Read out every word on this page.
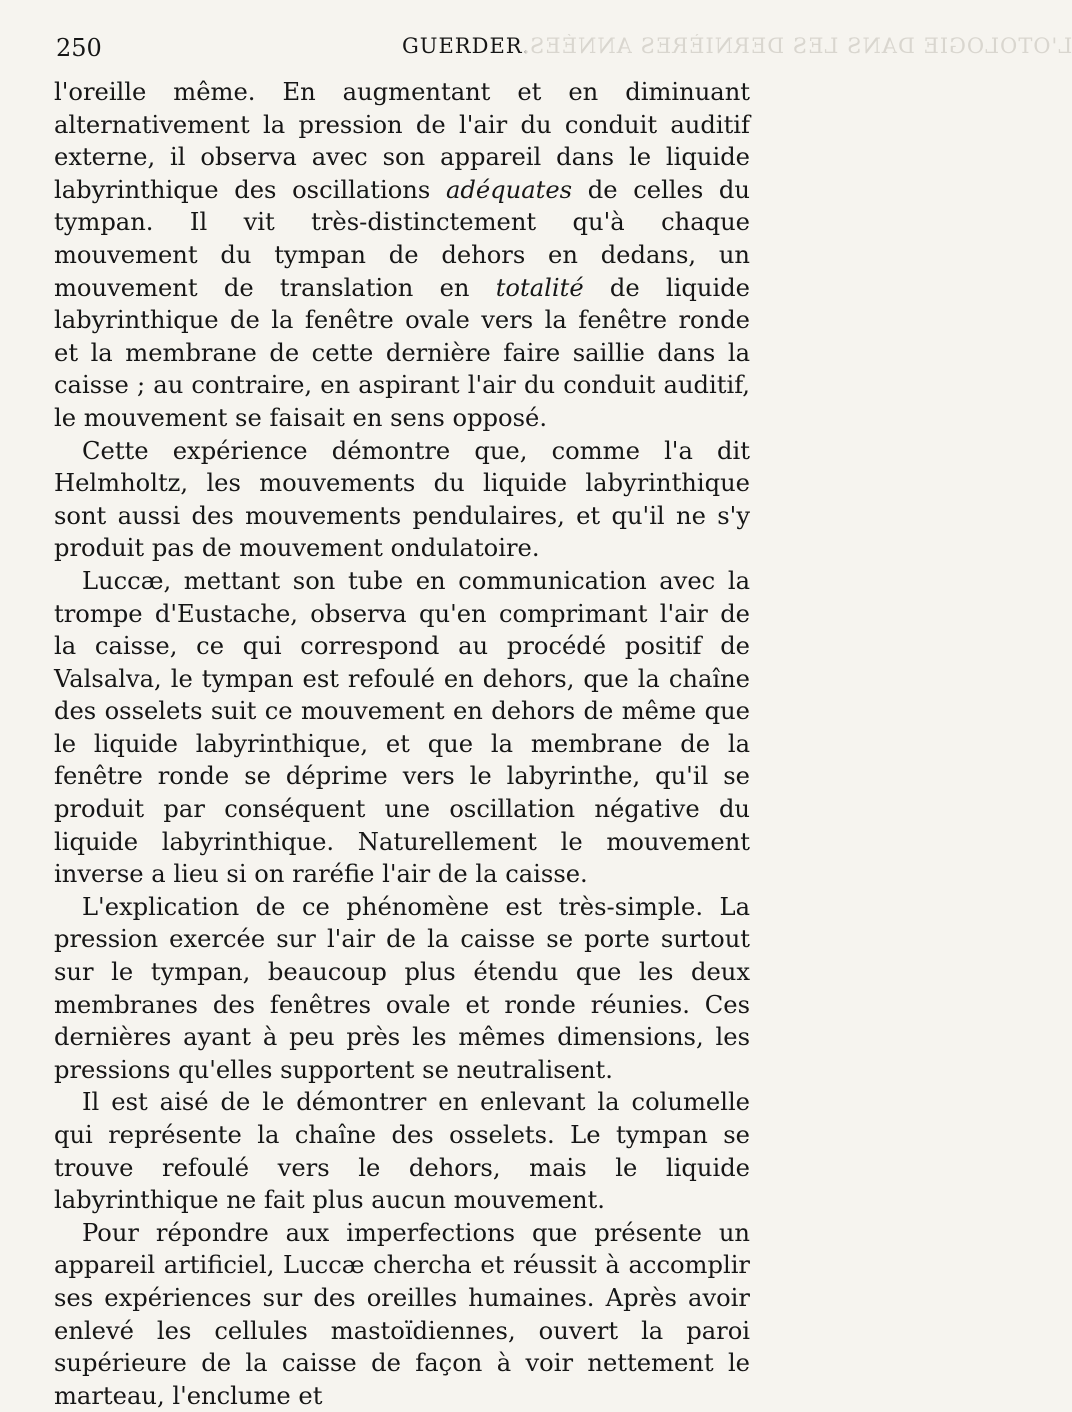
250	GUERDER.
L'OTOLOGIE DANS LES DERNIÈRES ANNÉES.

l'oreille même. En augmentant et en diminuant alternativement la pression de l'air du conduit auditif externe, il observa avec son appareil dans le liquide labyrinthique des oscillations adéquates de celles du tympan. Il vit très-distinctement qu'à chaque mouvement du tympan de dehors en dedans, un mouvement de translation en totalité de liquide labyrinthique de la fenêtre ovale vers la fenêtre ronde et la membrane de cette dernière faire saillie dans la caisse ; au contraire, en aspirant l'air du conduit auditif, le mouvement se faisait en sens opposé.

Cette expérience démontre que, comme l'a dit Helmholtz, les mouvements du liquide labyrinthique sont aussi des mouvements pendulaires, et qu'il ne s'y produit pas de mouvement ondulatoire.

Luccæ, mettant son tube en communication avec la trompe d'Eustache, observa qu'en comprimant l'air de la caisse, ce qui correspond au procédé positif de Valsalva, le tympan est refoulé en dehors, que la chaîne des osselets suit ce mouvement en dehors de même que le liquide labyrinthique, et que la membrane de la fenêtre ronde se déprime vers le labyrinthe, qu'il se produit par conséquent une oscillation négative du liquide labyrinthique. Naturellement le mouvement inverse a lieu si on raréfie l'air de la caisse.

L'explication de ce phénomène est très-simple. La pression exercée sur l'air de la caisse se porte surtout sur le tympan, beaucoup plus étendu que les deux membranes des fenêtres ovale et ronde réunies. Ces dernières ayant à peu près les mêmes dimensions, les pressions qu'elles supportent se neutralisent.

Il est aisé de le démontrer en enlevant la columelle qui représente la chaîne des osselets. Le tympan se trouve refoulé vers le dehors, mais le liquide labyrinthique ne fait plus aucun mouvement.

Pour répondre aux imperfections que présente un appareil artificiel, Luccæ chercha et réussit à accomplir ses expériences sur des oreilles humaines. Après avoir enlevé les cellules mastoïdiennes, ouvert la paroi supérieure de la caisse de façon à voir nettement le marteau, l'enclume et
